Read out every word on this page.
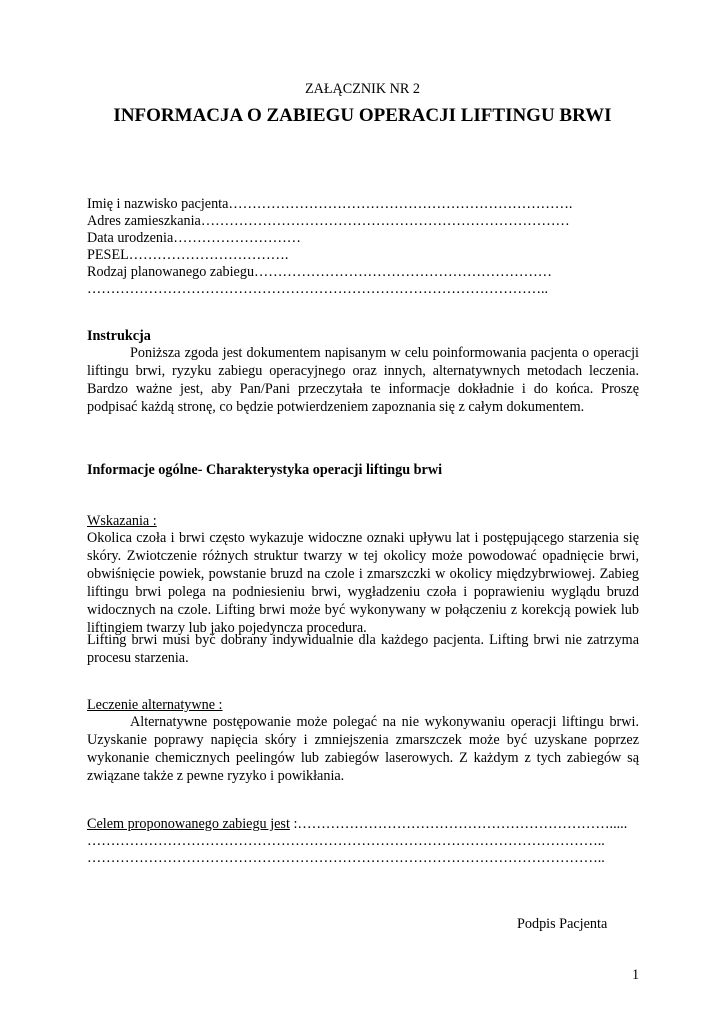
ZAŁĄCZNIK NR 2
INFORMACJA O ZABIEGU OPERACJI LIFTINGU BRWI
Imię i nazwisko pacjenta……………………………………………………………….
Adres zamieszkania……………………………………………………………………
Data urodzenia………………………
PESEL…………………………….
Rodzaj planowanego zabiegu………………………………………………………
……………………………………………………………………………………..
Instrukcja
Poniższa zgoda jest dokumentem napisanym w celu poinformowania pacjenta o operacji liftingu brwi, ryzyku zabiegu operacyjnego oraz innych, alternatywnych metodach leczenia. Bardzo ważne jest, aby Pan/Pani przeczytała te informacje dokładnie i do końca. Proszę podpisać każdą stronę, co będzie potwierdzeniem zapoznania się z całym dokumentem.
Informacje ogólne- Charakterystyka operacji liftingu brwi
Wskazania :
Okolica czoła i brwi często wykazuje widoczne oznaki upływu lat i postępującego starzenia się skóry. Zwiotczenie różnych struktur twarzy w tej okolicy może powodować opadnięcie brwi, obwiśnięcie powiek, powstanie bruzd na czole i zmarszczki w okolicy międzybrwiowej. Zabieg liftingu brwi polega na podniesieniu brwi, wygładzeniu czoła i poprawieniu wyglądu bruzd widocznych na czole. Lifting brwi może być wykonywany w połączeniu z korekcją powiek lub liftingiem twarzy lub jako pojedyncza procedura.
Lifting brwi musi być dobrany indywidualnie dla każdego pacjenta. Lifting brwi nie zatrzyma procesu starzenia.
Leczenie alternatywne :
Alternatywne postępowanie może polegać na nie wykonywaniu operacji liftingu brwi. Uzyskanie poprawy napięcia skóry i zmniejszenia zmarszczek może być uzyskane poprzez wykonanie chemicznych peelingów lub zabiegów laserowych. Z każdym z tych zabiegów są związane także z pewne ryzyko i powikłania.
Celem proponowanego zabiegu jest :………………………………………………………….....
………………………………………………………………………………………………..
………………………………………………………………………………………………..
Podpis Pacjenta
1
